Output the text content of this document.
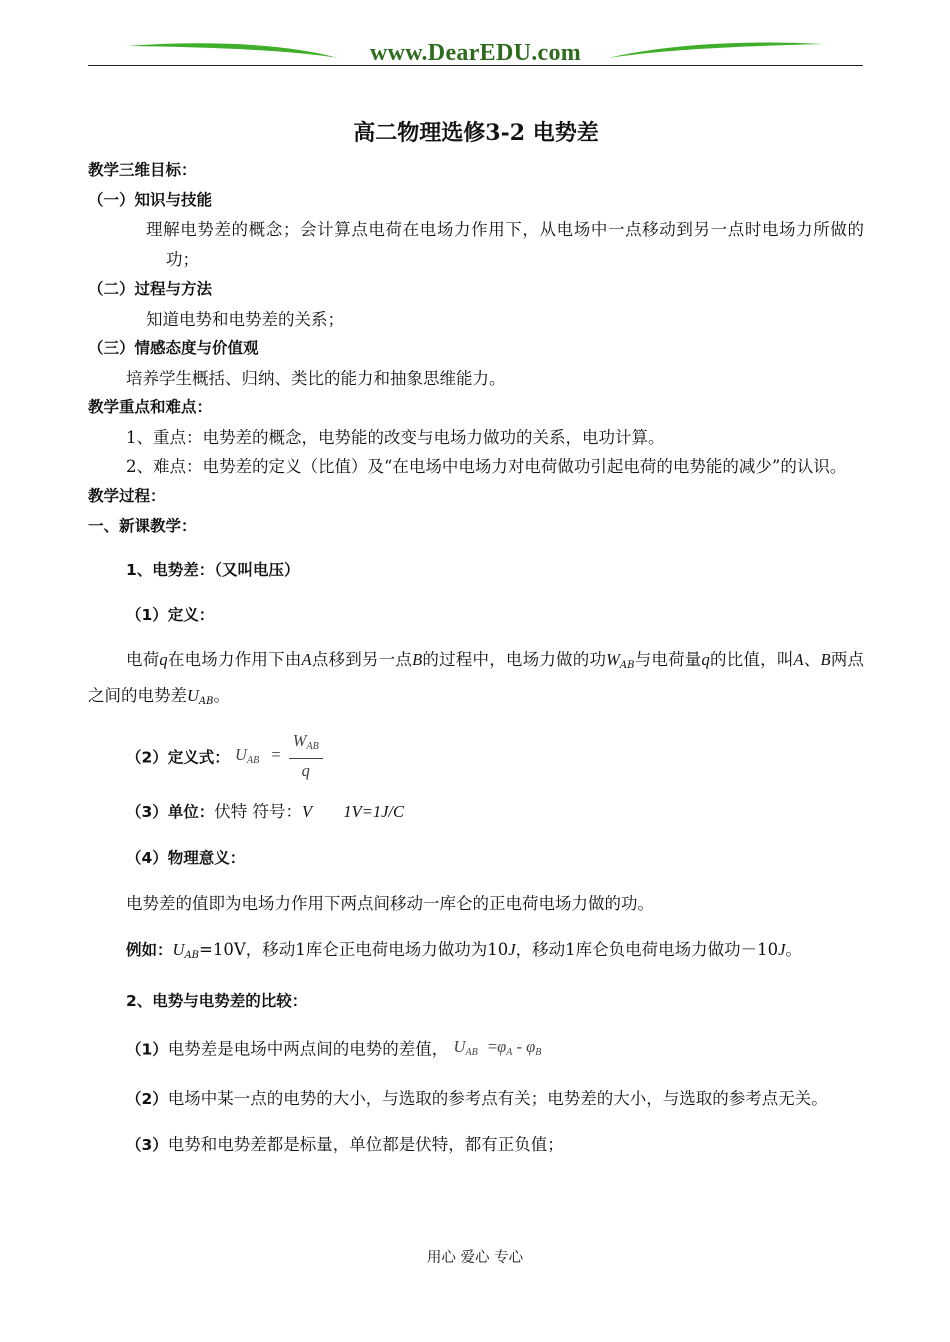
www.DearEDU.com
高二物理选修3-2 电势差

教学三维目标：

（一）知识与技能

理解电势差的概念；会计算点电荷在电场力作用下，从电场中一点移动到另一点时电场力所做的功；

（二）过程与方法

知道电势和电势差的关系；

（三）情感态度与价值观

培养学生概括、归纳、类比的能力和抽象思维能力。

教学重点和难点：

1、重点：电势差的概念，电势能的改变与电场力做功的关系，电功计算。

2、难点：电势差的定义（比值）及“在电场中电场力对电荷做功引起电荷的电势能的减少”的认识。

教学过程：

一、新课教学：

1、电势差：（又叫电压）

（1）定义：

电荷q在电场力作用下由A点移到另一点B的过程中，电场力做的功$W_{AB}$与电荷量q的比值，叫A、B两点之间的电势差$U_{AB}$。

（2）定义式： $U_{AB} = \frac{W_{AB}}{q}$

（3）单位：伏特 符号：V 1V=1J/C

（4）物理意义：

电势差的值即为电场力作用下两点间移动一库仑的正电荷电场力做的功。

例如：$U_{AB}=10V$，移动1库仑正电荷电场力做功为10J，移动1库仑负电荷电场力做功－10J。

2、电势与电势差的比较：

（1）电势差是电场中两点间的电势的差值， $U_{AB} =\varphi_A - \varphi_B$

（2）电场中某一点的电势的大小，与选取的参考点有关；电势差的大小，与选取的参考点无关。

（3）电势和电势差都是标量，单位都是伏特，都有正负值；

用心 爱心 专心
